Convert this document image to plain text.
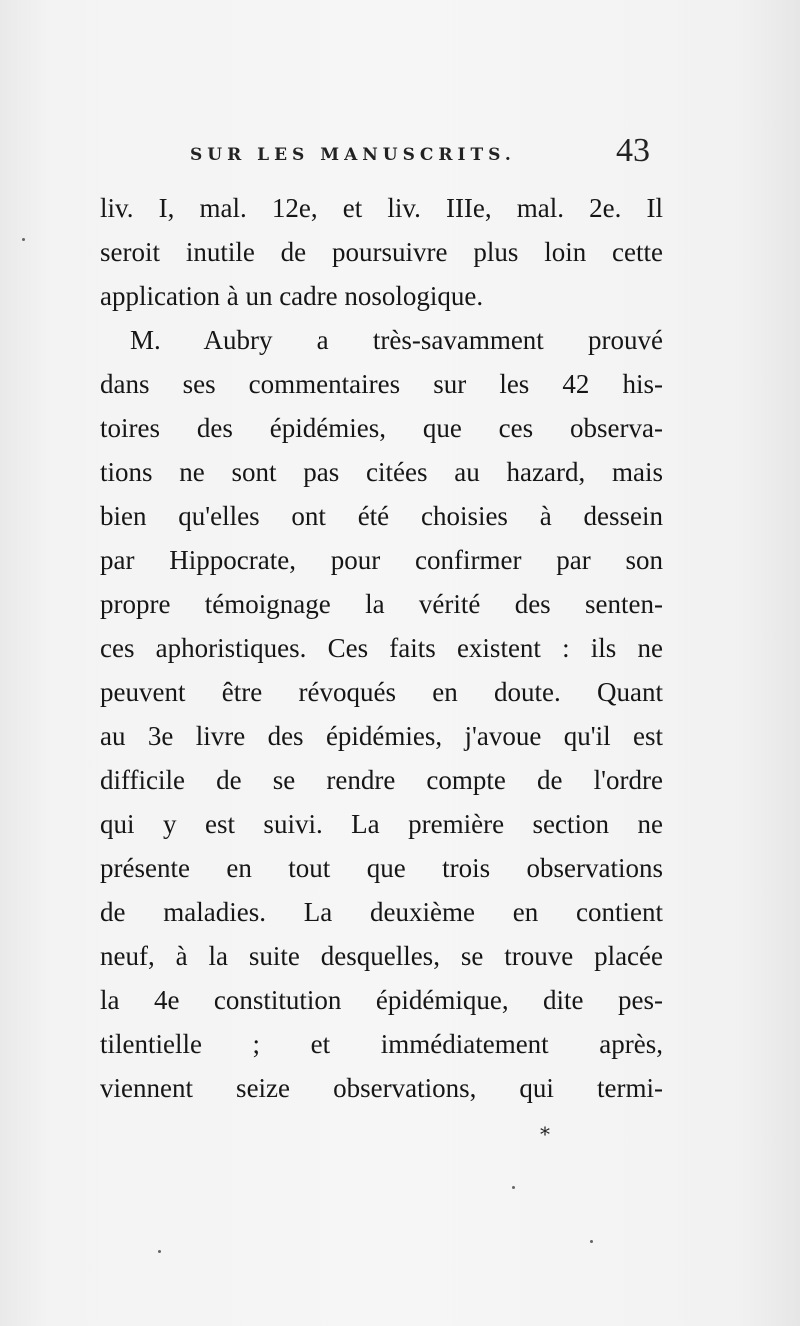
SUR LES MANUSCRITS.	43
liv. I, mal. 12e, et liv. IIIe, mal. 2e. Il
seroit inutile de poursuivre plus loin cette
application à un cadre nosologique.
M. Aubry a très-savamment prouvé
dans ses commentaires sur les 42 his-
toires des épidémies, que ces observa-
tions ne sont pas citées au hazard, mais
bien qu'elles ont été choisies à dessein
par Hippocrate, pour confirmer par son
propre témoignage la vérité des senten-
ces aphoristiques. Ces faits existent : ils ne
peuvent être révoqués en doute. Quant
au 3e livre des épidémies, j'avoue qu'il est
difficile de se rendre compte de l'ordre
qui y est suivi. La première section ne
présente en tout que trois observations
de maladies. La deuxième en contient
neuf, à la suite desquelles, se trouve placée
la 4e constitution épidémique, dite pes-
tilentielle ; et immédiatement après,
viennent seize observations, qui termi-
*
